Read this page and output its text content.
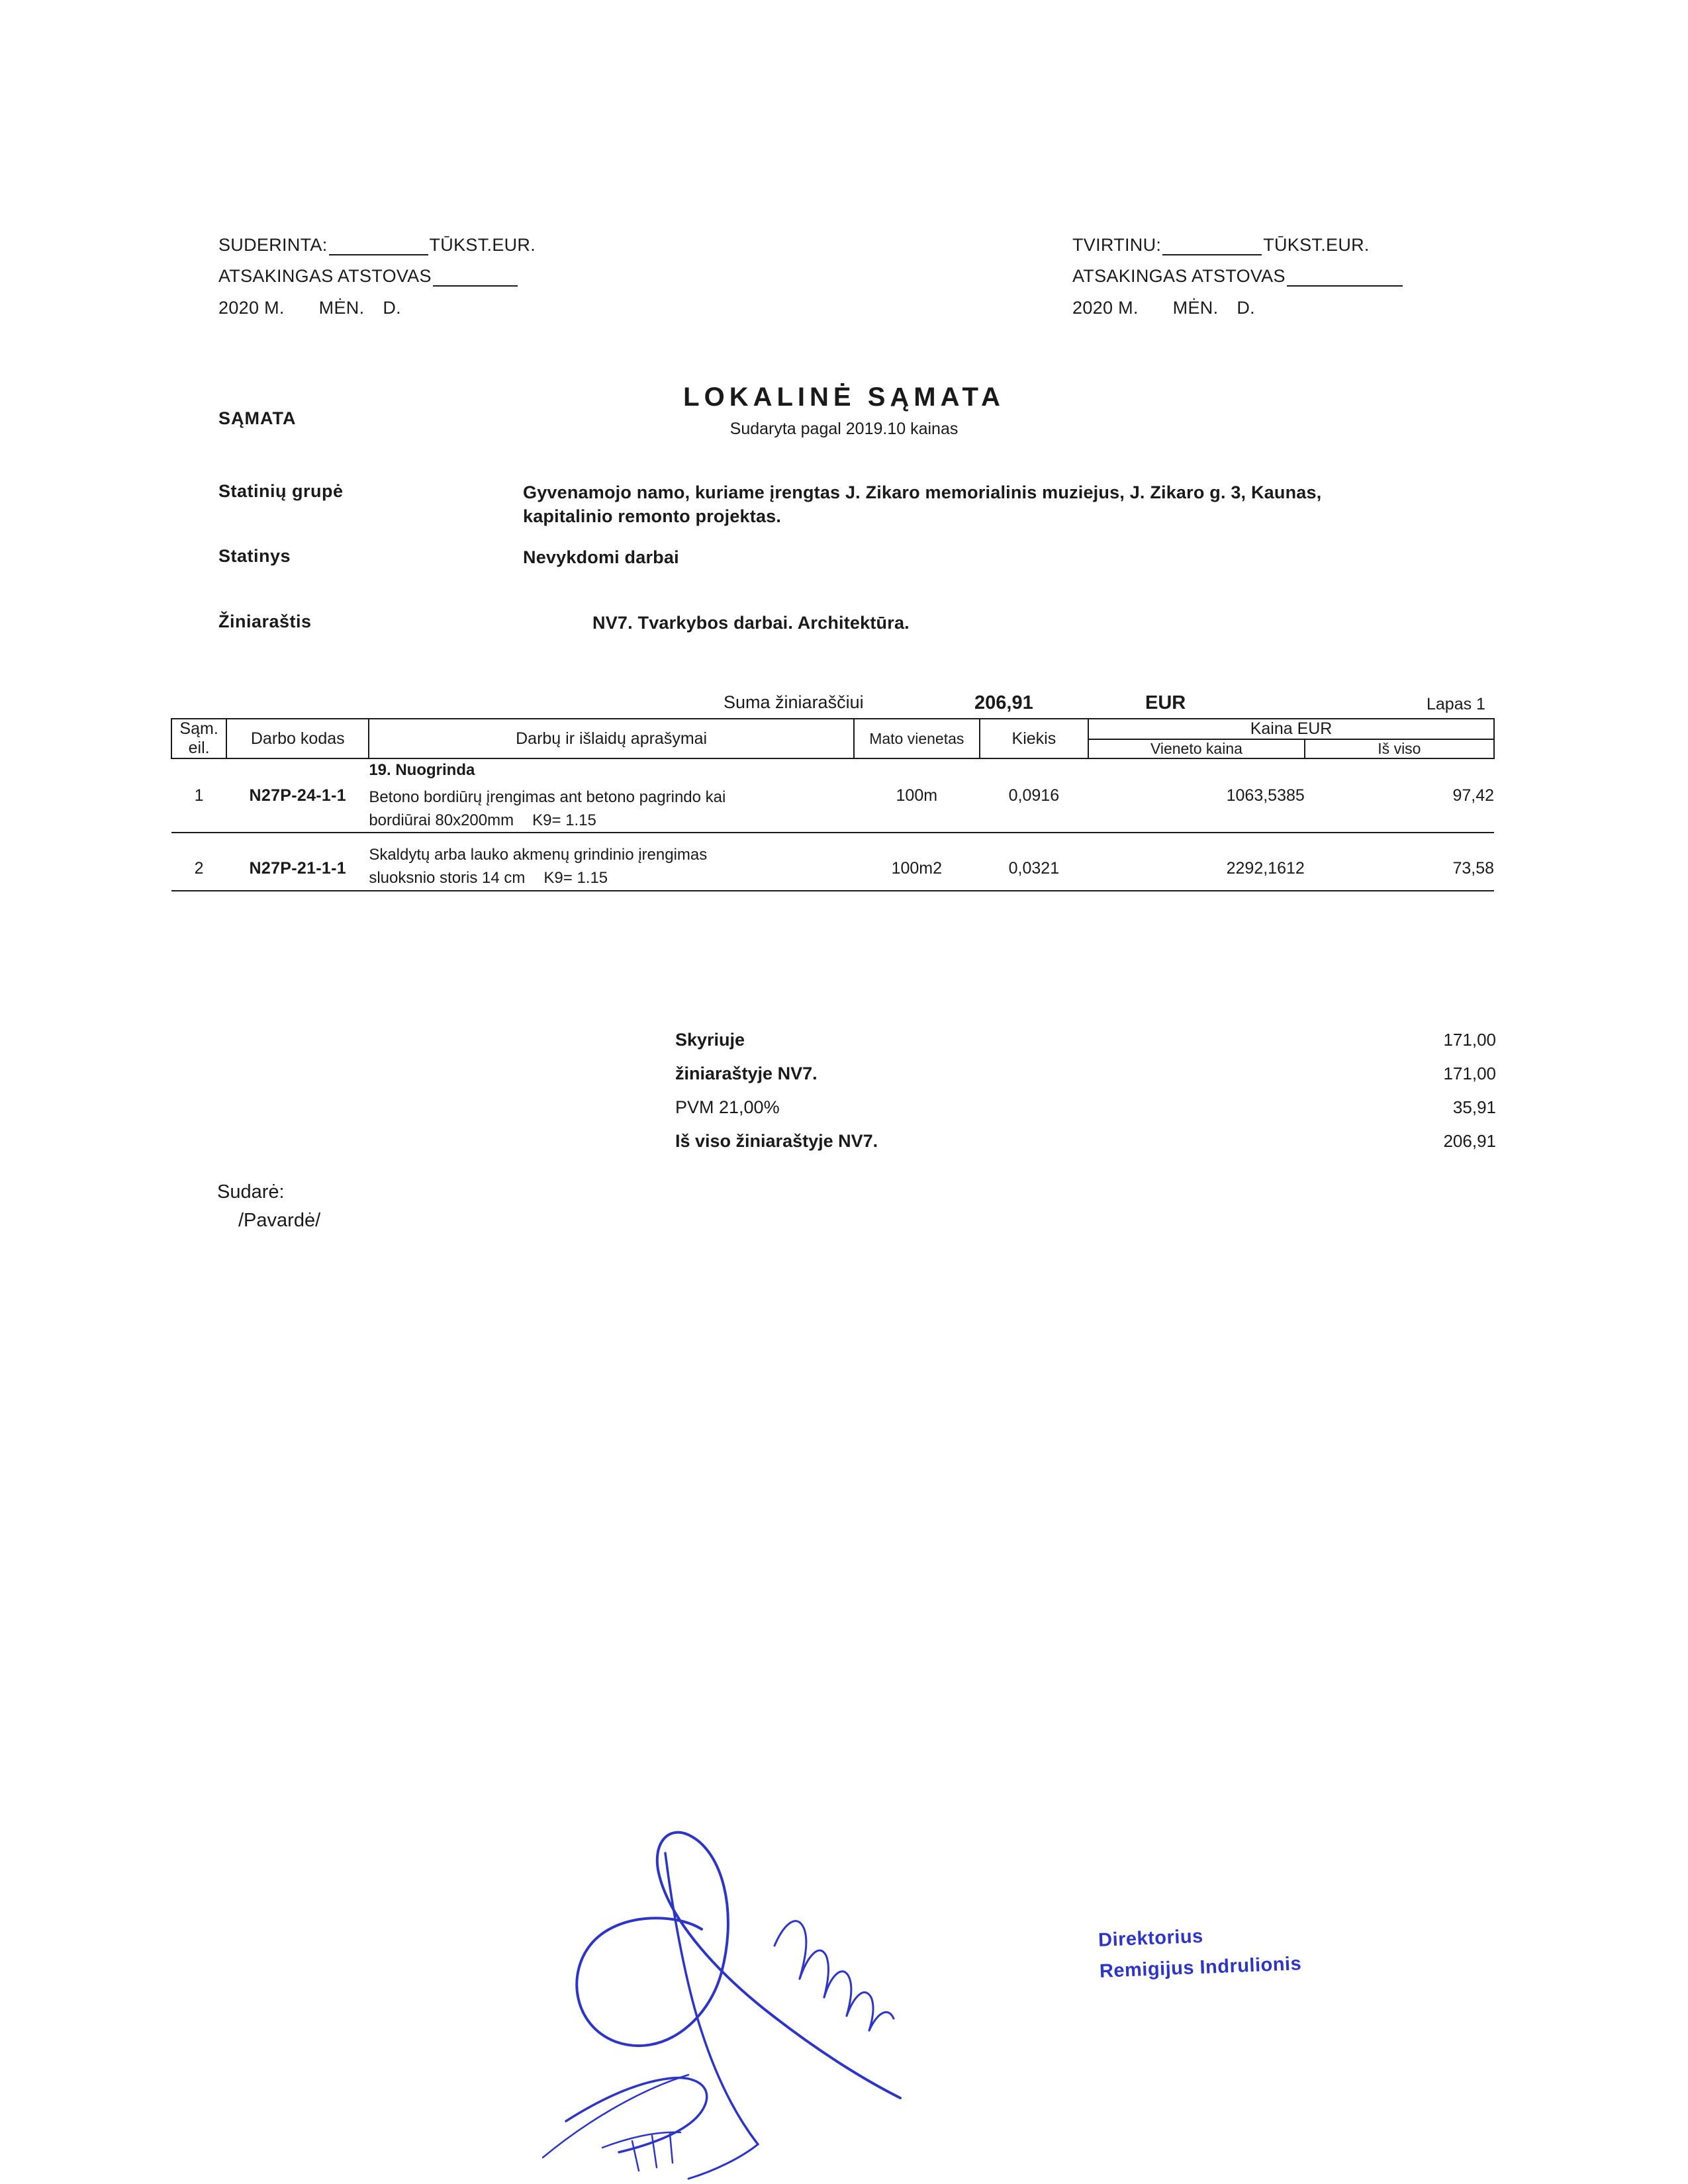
SUDERINTA:	TŪKST.EUR.
ATSAKINGAS ATSTOVAS
2020 M. MĖN. D.
TVIRTINU:	TŪKST.EUR.
ATSAKINGAS ATSTOVAS
2020 M. MĖN. D.
SĄMATA
LOKALINĖ SĄMATA
Sudaryta pagal 2019.10 kainas
Statinių grupė	Gyvenamojo namo, kuriame įrengtas J. Zikaro memorialinis muziejus, J. Zikaro g. 3, Kaunas, kapitalinio remonto projektas.
Statinys	Nevykdomi darbai
Žiniaraštis	NV7. Tvarkybos darbai. Architektūra.
Suma žiniaraščiui	206,91	EUR	Lapas 1
Sąm.
eil.	Darbo kodas	Darbų ir išlaidų aprašymai	Mato vienetas	Kiekis	Kaina EUR	
					Vieneto kaina	Iš viso
1	N27P-24-1-1	19. Nuogrinda
Betono bordiūrų įrengimas ant betono pagrindo kai
bordiūrai 80x200mm K9= 1.15	100m	0,0916	1063,5385	97,42
2	N27P-21-1-1	Skaldytų arba lauko akmenų grindinio įrengimas
sluoksnio storis 14 cm K9= 1.15	100m2	0,0321	2292,1612	73,58
Skyriuje	171,00
žiniaraštyje NV7.	171,00
PVM 21,00%	35,91
Iš viso žiniaraštyje NV7.	206,91
Sudarė:
/Pavardė/
Direktorius
Remigijus Indrulionis
